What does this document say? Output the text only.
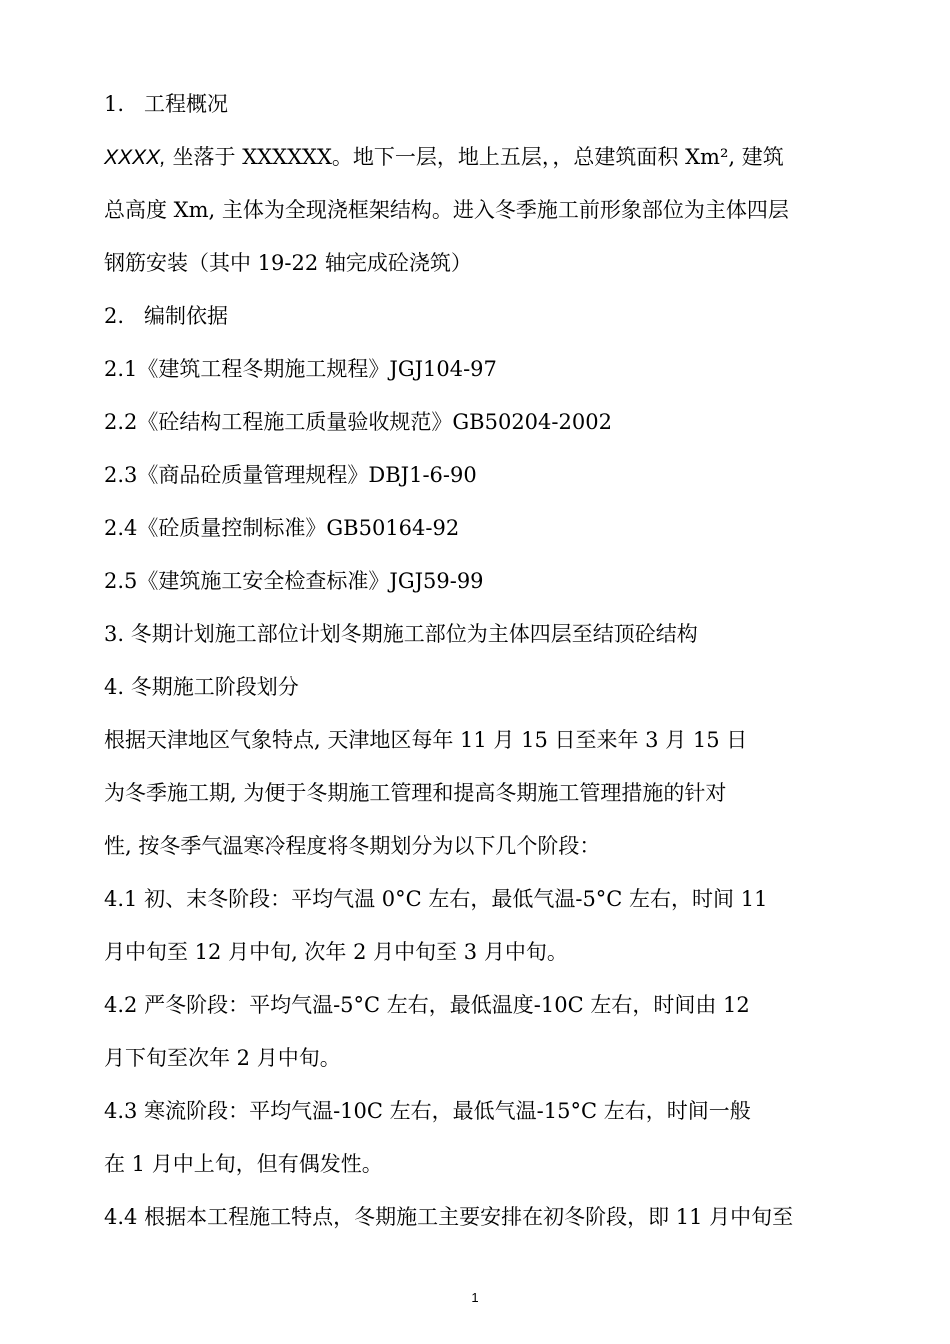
1. 工程概况
XXXX, 坐落于 XXXXXX。地下一层，地上五层，，总建筑面积 Xm², 建筑
总高度 Xm, 主体为全现浇框架结构。进入冬季施工前形象部位为主体四层
钢筋安装（其中 19-22 轴完成砼浇筑）
2. 编制依据
2.1《建筑工程冬期施工规程》JGJ104-97
2.2《砼结构工程施工质量验收规范》GB50204-2002
2.3《商品砼质量管理规程》DBJ1-6-90
2.4《砼质量控制标准》GB50164-92
2.5《建筑施工安全检查标准》JGJ59-99
3. 冬期计划施工部位计划冬期施工部位为主体四层至结顶砼结构
4. 冬期施工阶段划分
根据天津地区气象特点, 天津地区每年 11 月 15 日至来年 3 月 15 日
为冬季施工期, 为便于冬期施工管理和提高冬期施工管理措施的针对
性, 按冬季气温寒冷程度将冬期划分为以下几个阶段：
4.1 初、末冬阶段：平均气温 0°C 左右，最低气温-5°C 左右，时间 11
月中旬至 12 月中旬, 次年 2 月中旬至 3 月中旬。
4.2 严冬阶段：平均气温-5°C 左右，最低温度-10C 左右，时间由 12
月下旬至次年 2 月中旬。
4.3 寒流阶段：平均气温-10C 左右，最低气温-15°C 左右，时间一般
在 1 月中上旬，但有偶发性。
4.4 根据本工程施工特点，冬期施工主要安排在初冬阶段，即 11 月中旬至
1
